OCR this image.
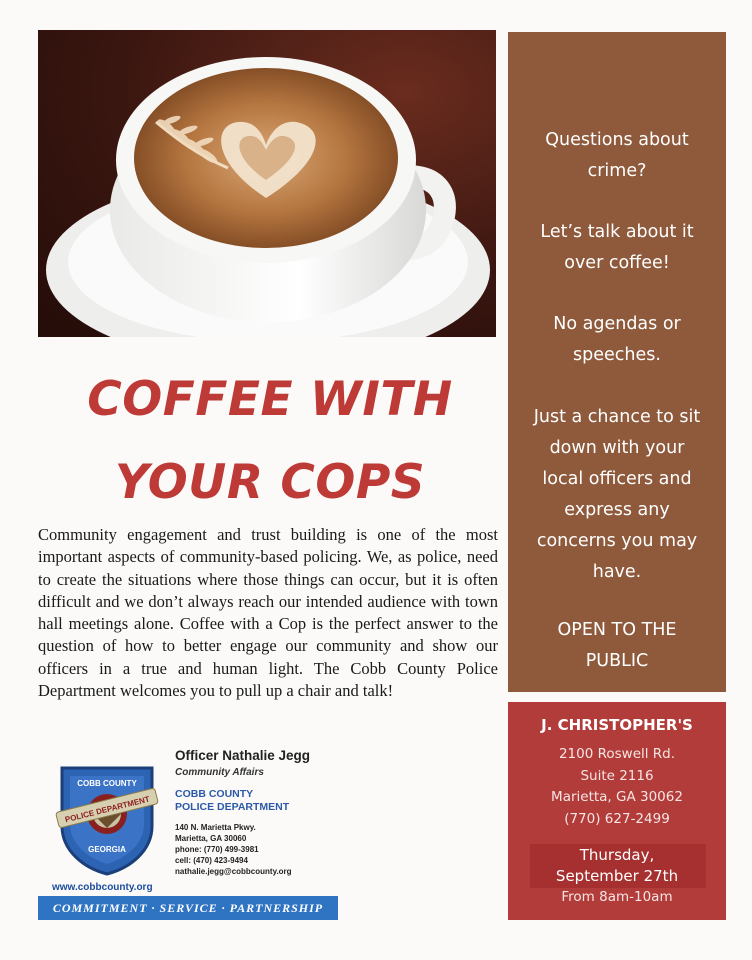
Questions about
crime?
Let’s talk about it
over coffee!
No agendas or
speeches.
Just a chance to sit
down with your
local officers and
express any
concerns you may
have.
OPEN TO THE
PUBLIC
J. CHRISTOPHER'S
2100 Roswell Rd.
Suite 2116
Marietta, GA 30062
(770) 627-2499
Thursday,
September 27th
From 8am-10am
COFFEE WITH
YOUR COPS

Community engagement and trust building is one of the most important aspects of community-based policing. We, as police, need to create the situations where those things can occur, but it is often difficult and we don’t always reach our intended audience with town hall meetings alone. Coffee with a Cop is the perfect answer to the question of how to better engage our community and show our officers in a true and human light. The Cobb County Police Department welcomes you to pull up a chair and talk!

POLICE DEPARTMENT
COBB COUNTY
GEORGIA
www.cobbcounty.org
Officer Nathalie Jegg
Community Affairs
COBB COUNTY
POLICE DEPARTMENT
140 N. Marietta Pkwy.
Marietta, GA 30060
phone: (770) 499-3981
cell: (470) 423-9494
nathalie.jegg@cobbcounty.org
COMMITMENT · SERVICE · PARTNERSHIP
